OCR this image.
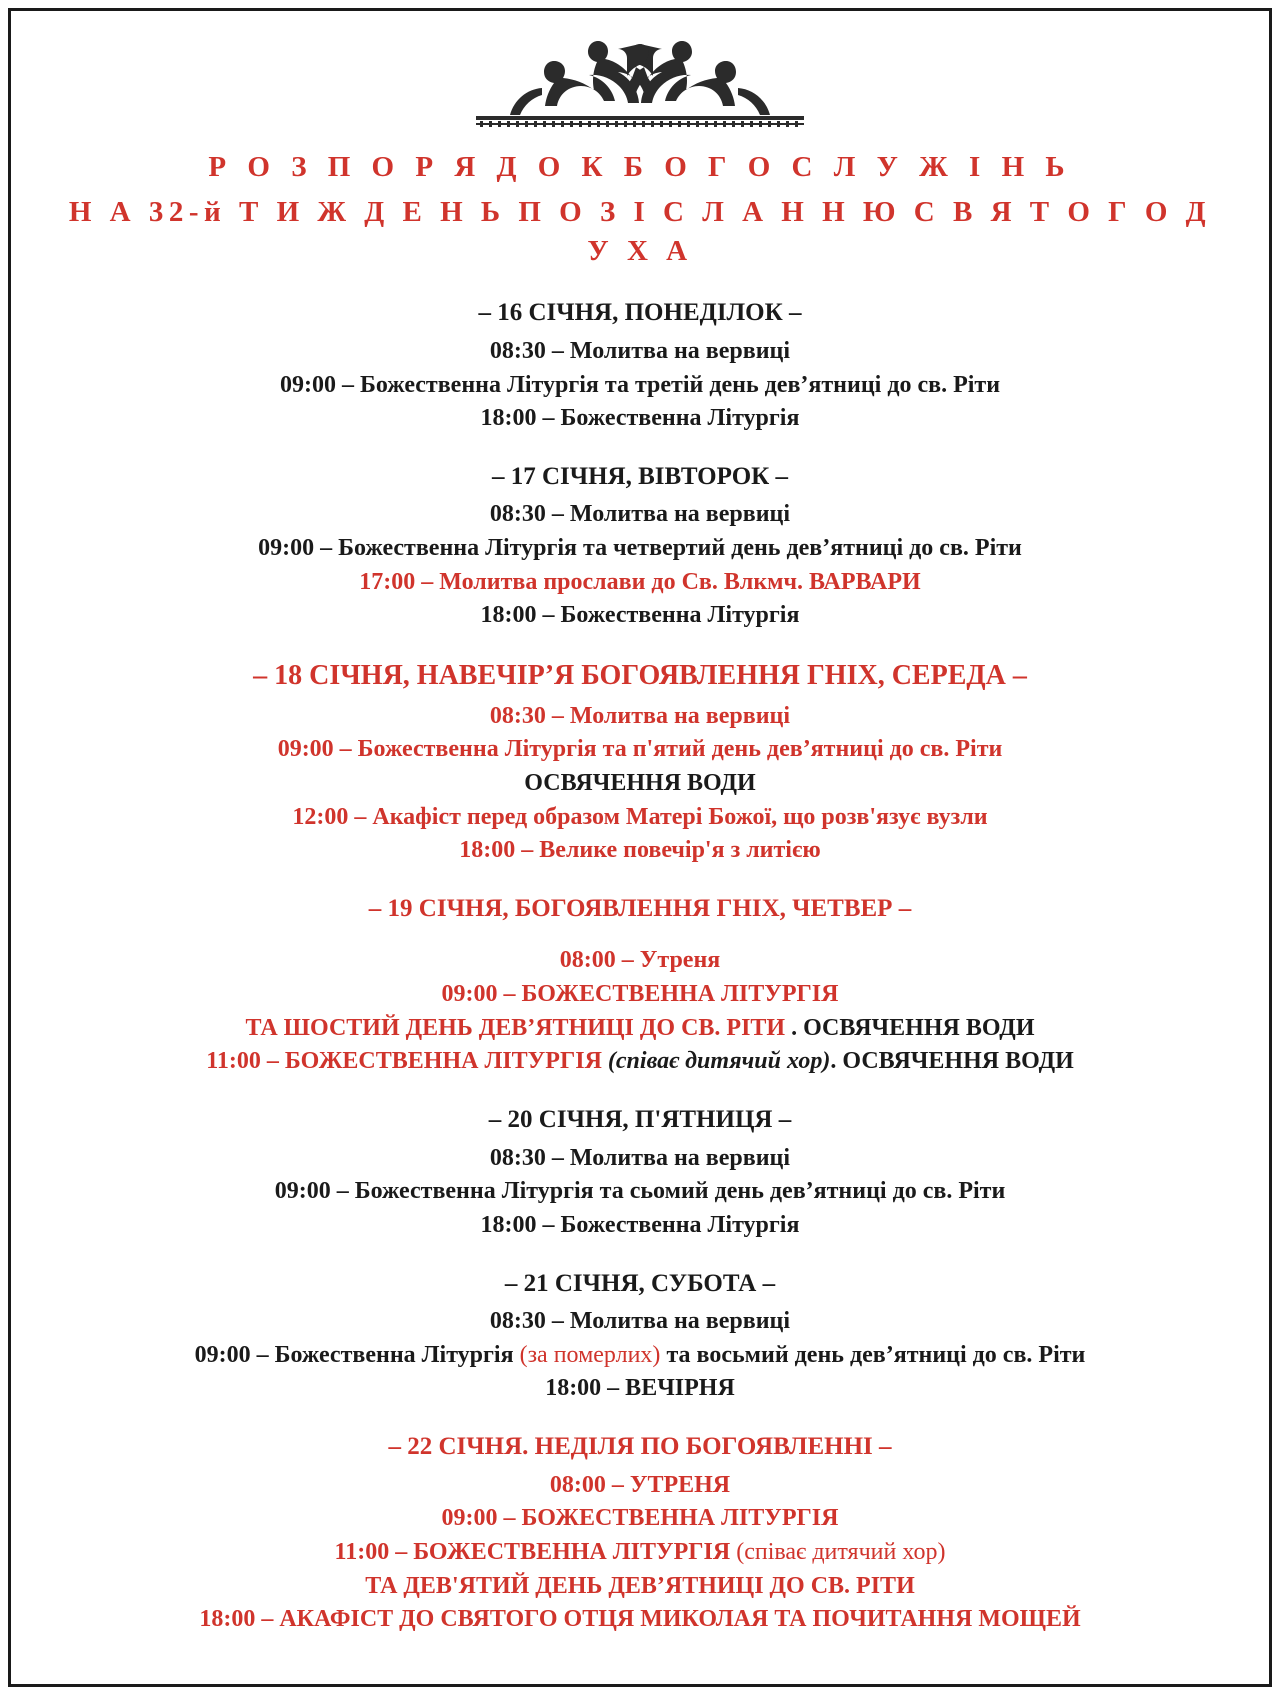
Р О З П О Р Я Д О К Б О Г О С Л У Ж І Н Ь
Н А 32-й Т И Ж Д Е Н Ь П О З І С Л А Н Н Ю С В Я Т О Г О Д У Х А
– 16 СІЧНЯ, ПОНЕДІЛОК –
08:30 – Молитва на вервиці
09:00 – Божественна Літургія та третій день дев’ятниці до св. Ріти
18:00 – Божественна Літургія
– 17 СІЧНЯ, ВІВТОРОК –
08:30 – Молитва на вервиці
09:00 – Божественна Літургія та четвертий день дев’ятниці до св. Ріти
17:00 – Молитва прослави до Св. Влкмч. ВАРВАРИ
18:00 – Божественна Літургія
– 18 СІЧНЯ, НАВЕЧІР’Я БОГОЯВЛЕННЯ ГНІХ, СЕРЕДА –
08:30 – Молитва на вервиці
09:00 – Божественна Літургія та п'ятий день дев’ятниці до св. Ріти
ОСВЯЧЕННЯ ВОДИ
12:00 – Акафіст перед образом Матері Божої, що розв'язує вузли
18:00 – Велике повечір'я з литією
– 19 СІЧНЯ, БОГОЯВЛЕННЯ ГНІХ, ЧЕТВЕР –
08:00 – Утреня
09:00 – БОЖЕСТВЕННА ЛІТУРГІЯ
ТА ШОСТИЙ ДЕНЬ ДЕВ’ЯТНИЦІ ДО СВ. РІТИ . ОСВЯЧЕННЯ ВОДИ
11:00 – БОЖЕСТВЕННА ЛІТУРГІЯ (співає дитячий хор). ОСВЯЧЕННЯ ВОДИ
– 20 СІЧНЯ, П'ЯТНИЦЯ –
08:30 – Молитва на вервиці
09:00 – Божественна Літургія та сьомий день дев’ятниці до св. Ріти
18:00 – Божественна Літургія
– 21 СІЧНЯ, СУБОТА –
08:30 – Молитва на вервиці
09:00 – Божественна Літургія (за померлих) та восьмий день дев’ятниці до св. Ріти
18:00 – ВЕЧІРНЯ
– 22 СІЧНЯ. НЕДІЛЯ ПО БОГОЯВЛЕННІ –
08:00 – УТРЕНЯ
09:00 – БОЖЕСТВЕННА ЛІТУРГІЯ
11:00 – БОЖЕСТВЕННА ЛІТУРГІЯ (співає дитячий хор)
ТА ДЕВ'ЯТИЙ ДЕНЬ ДЕВ’ЯТНИЦІ ДО СВ. РІТИ
18:00 – АКАФІСТ ДО СВЯТОГО ОТЦЯ МИКОЛАЯ ТА ПОЧИТАННЯ МОЩЕЙ
